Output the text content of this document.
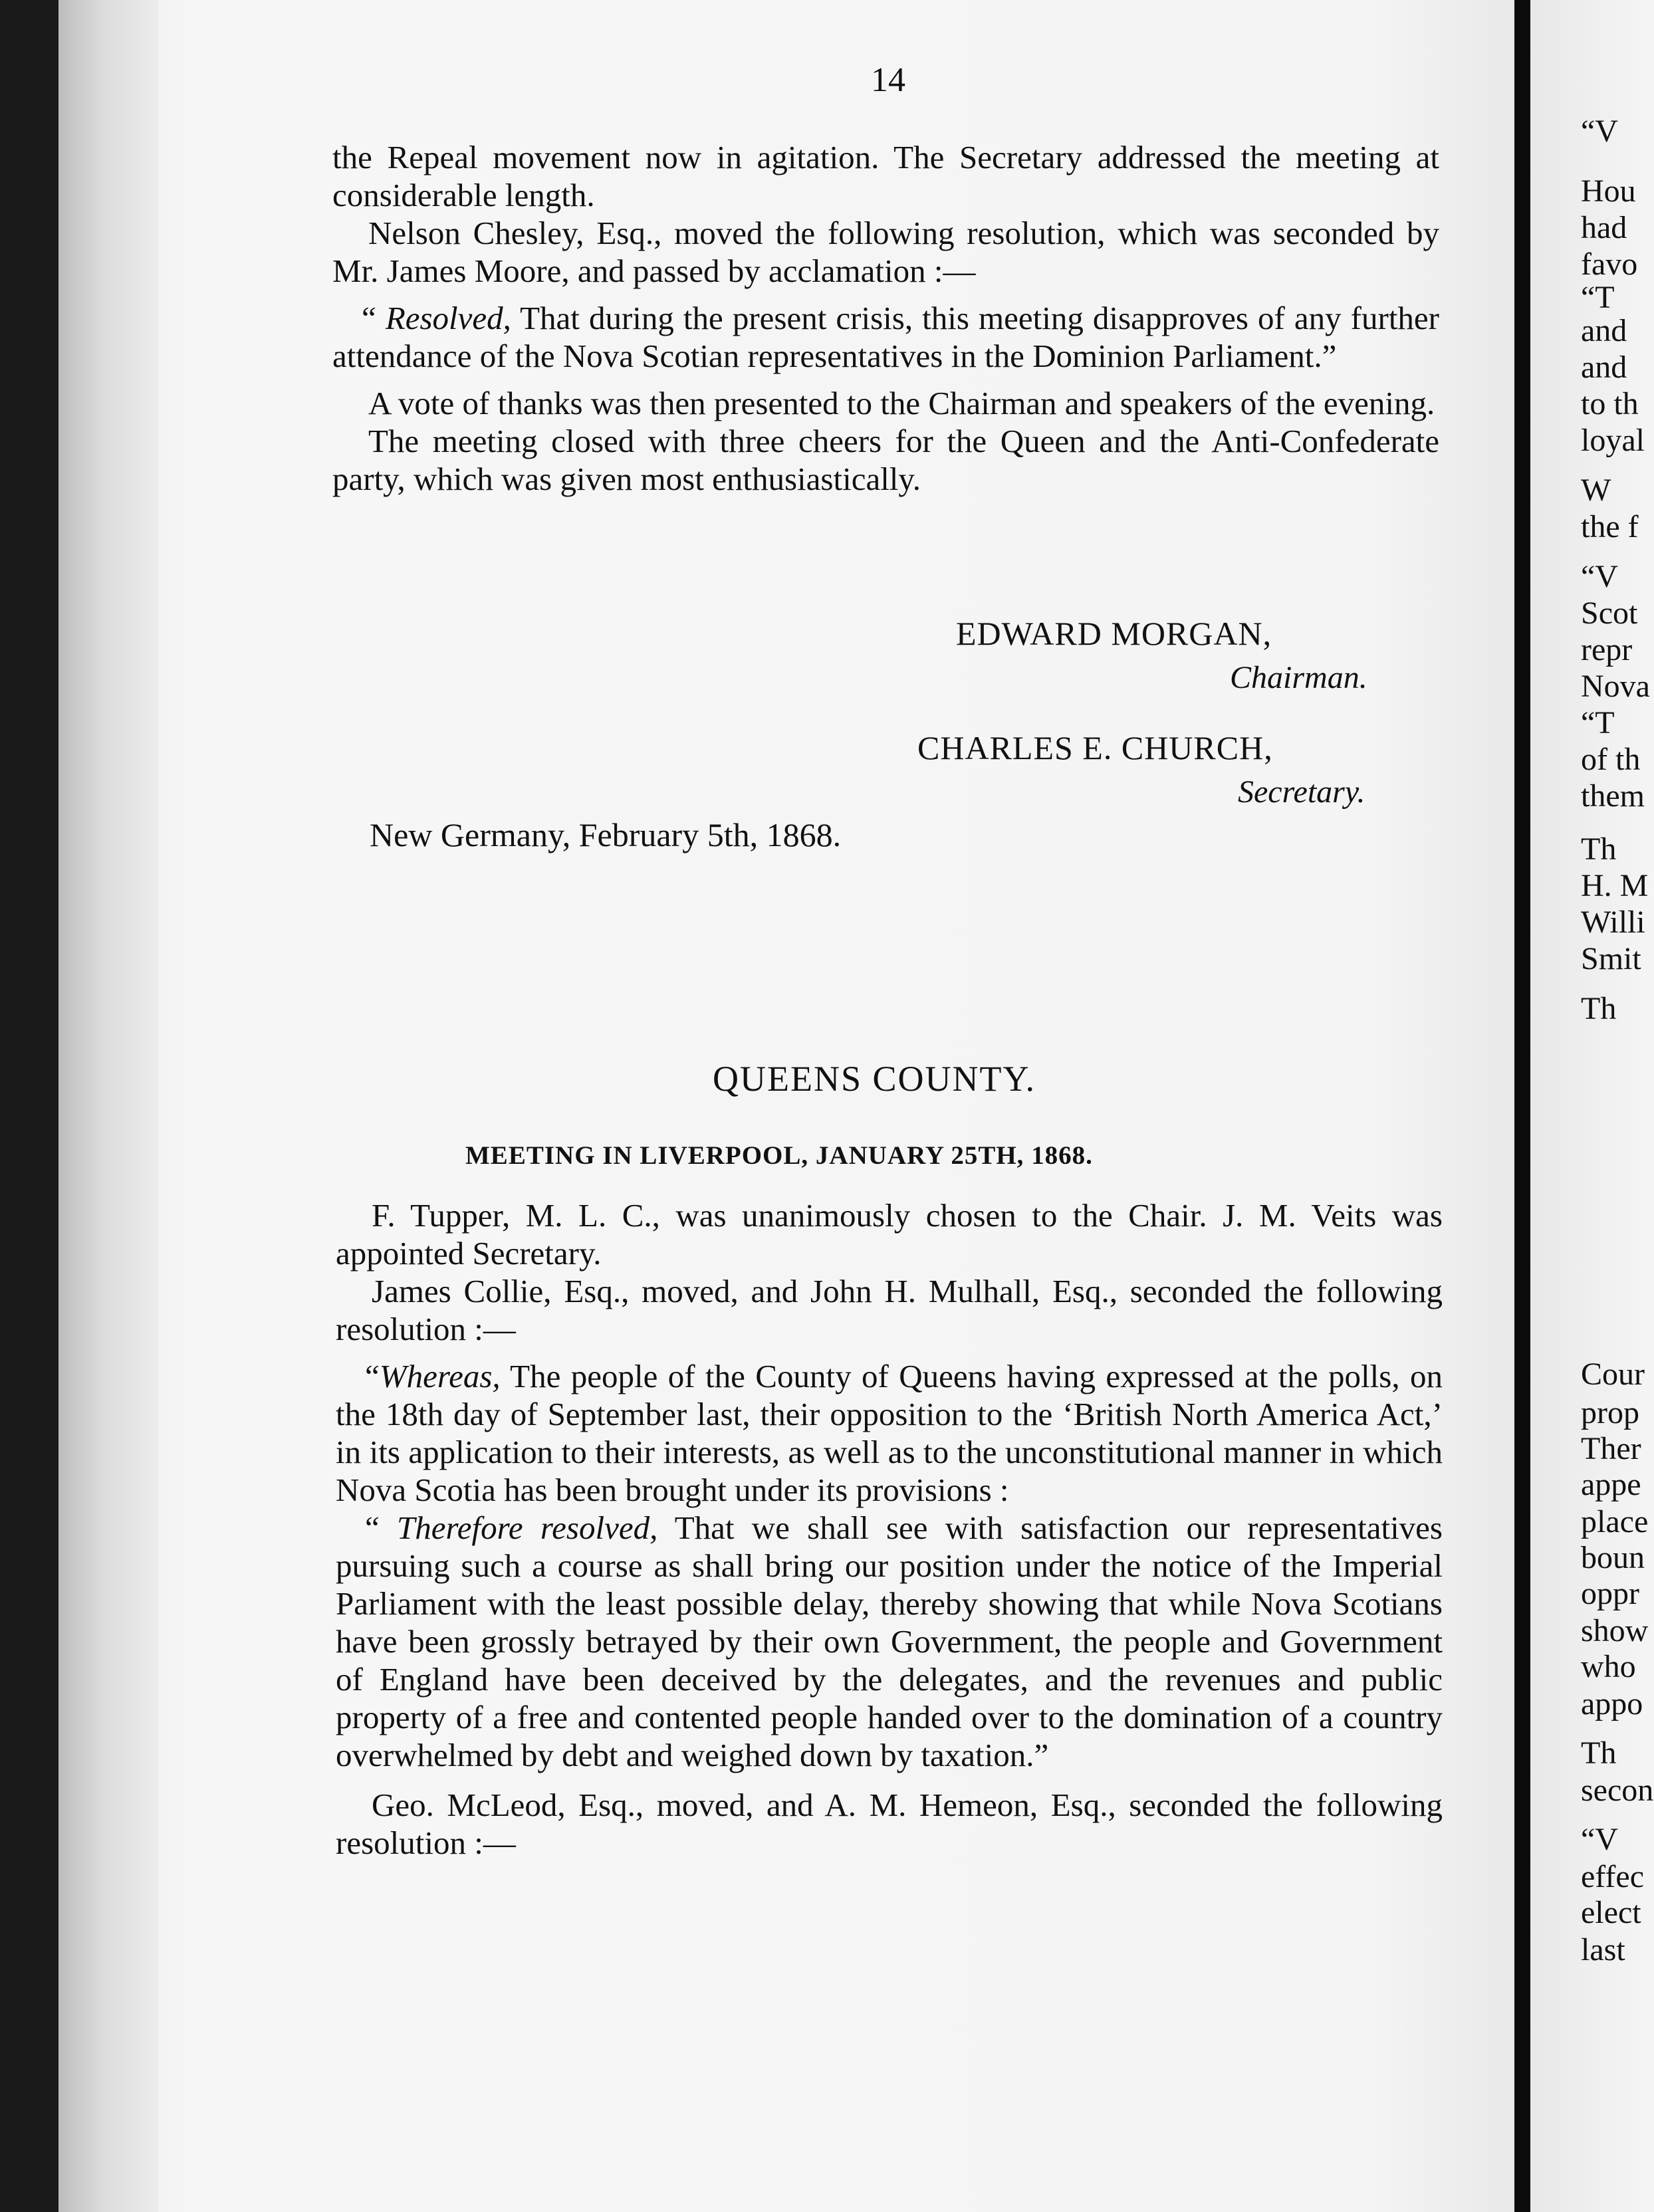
14

the Repeal movement now in agitation. The Secretary addressed the meeting at considerable length.

Nelson Chesley, Esq., moved the following resolution, which was seconded by Mr. James Moore, and passed by acclamation :—

“ Resolved, That during the present crisis, this meeting disapproves of any further attendance of the Nova Scotian representatives in the Dominion Parliament.”

A vote of thanks was then presented to the Chairman and speakers of the evening.

The meeting closed with three cheers for the Queen and the Anti-Confederate party, which was given most enthusiastically.

EDWARD MORGAN,
Chairman.
CHARLES E. CHURCH,
Secretary.
New Germany, February 5th, 1868.
QUEENS COUNTY.
MEETING IN LIVERPOOL, JANUARY 25TH, 1868.

F. Tupper, M. L. C., was unanimously chosen to the Chair. J. M. Veits was appointed Secretary.

James Collie, Esq., moved, and John H. Mulhall, Esq., seconded the following resolution :—

“Whereas, The people of the County of Queens having expressed at the polls, on the 18th day of September last, their opposition to the ‘British North America Act,’ in its application to their interests, as well as to the unconstitutional manner in which Nova Scotia has been brought under its provisions :

“ Therefore resolved, That we shall see with satisfaction our representatives pursuing such a course as shall bring our position under the notice of the Imperial Parliament with the least possible delay, thereby showing that while Nova Scotians have been grossly betrayed by their own Government, the people and Government of England have been deceived by the delegates, and the revenues and public property of a free and contented people handed over to the domination of a country overwhelmed by debt and weighed down by taxation.”

Geo. McLeod, Esq., moved, and A. M. Hemeon, Esq., seconded the following resolution :—

“V
Hou
had
favo
“T
and
and
to th
loyal
W
the f
“V
Scot
repr
Nova
“T
of th
them
Th
H. M
Willi
Smit
Th
Cour
prop
Ther
appe
place
boun
oppr
show
who
appo
Th
secon
“V
effec
elect
last
